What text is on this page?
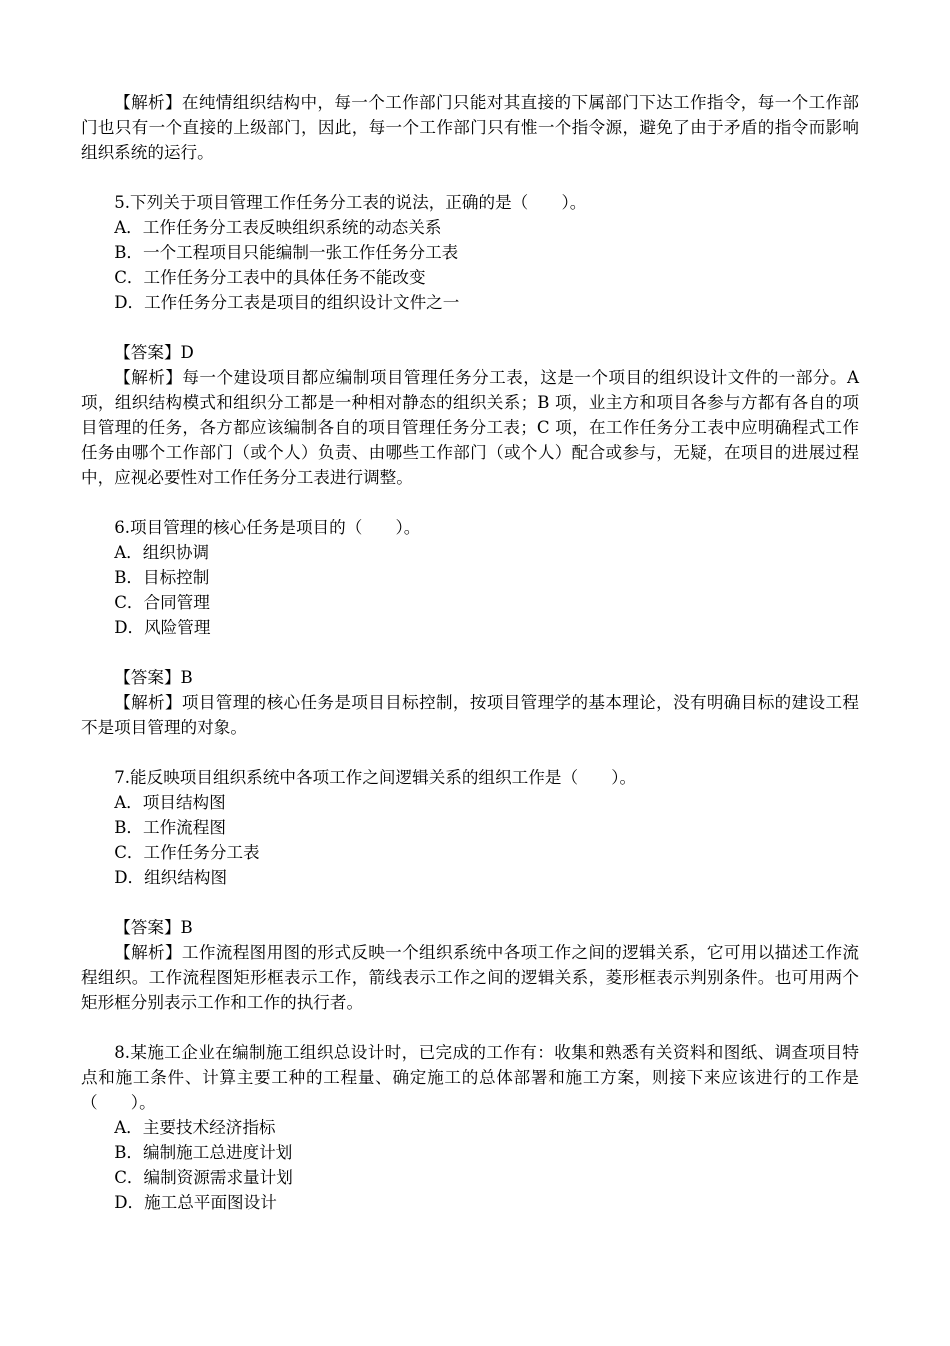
【解析】在纯情组织结构中，每一个工作部门只能对其直接的下属部门下达工作指令，每一个工作部门也只有一个直接的上级部门，因此，每一个工作部门只有惟一个指令源，避免了由于矛盾的指令而影响组织系统的运行。

5.下列关于项目管理工作任务分工表的说法，正确的是（　　）。

A．工作任务分工表反映组织系统的动态关系

B．一个工程项目只能编制一张工作任务分工表

C．工作任务分工表中的具体任务不能改变

D．工作任务分工表是项目的组织设计文件之一

【答案】D

【解析】每一个建设项目都应编制项目管理任务分工表，这是一个项目的组织设计文件的一部分。A 项，组织结构模式和组织分工都是一种相对静态的组织关系；B 项，业主方和项目各参与方都有各自的项目管理的任务，各方都应该编制各自的项目管理任务分工表；C 项，在工作任务分工表中应明确程式工作任务由哪个工作部门（或个人）负责、由哪些工作部门（或个人）配合或参与，无疑，在项目的进展过程中，应视必要性对工作任务分工表进行调整。

6.项目管理的核心任务是项目的（　　）。

A．组织协调

B．目标控制

C．合同管理

D．风险管理

【答案】B

【解析】项目管理的核心任务是项目目标控制，按项目管理学的基本理论，没有明确目标的建设工程不是项目管理的对象。

7.能反映项目组织系统中各项工作之间逻辑关系的组织工作是（　　）。

A．项目结构图

B．工作流程图

C．工作任务分工表

D．组织结构图

【答案】B

【解析】工作流程图用图的形式反映一个组织系统中各项工作之间的逻辑关系，它可用以描述工作流程组织。工作流程图矩形框表示工作，箭线表示工作之间的逻辑关系，菱形框表示判别条件。也可用两个矩形框分别表示工作和工作的执行者。

8.某施工企业在编制施工组织总设计时，已完成的工作有：收集和熟悉有关资料和图纸、调查项目特点和施工条件、计算主要工种的工程量、确定施工的总体部署和施工方案，则接下来应该进行的工作是（　　）。

A．主要技术经济指标

B．编制施工总进度计划

C．编制资源需求量计划

D．施工总平面图设计
